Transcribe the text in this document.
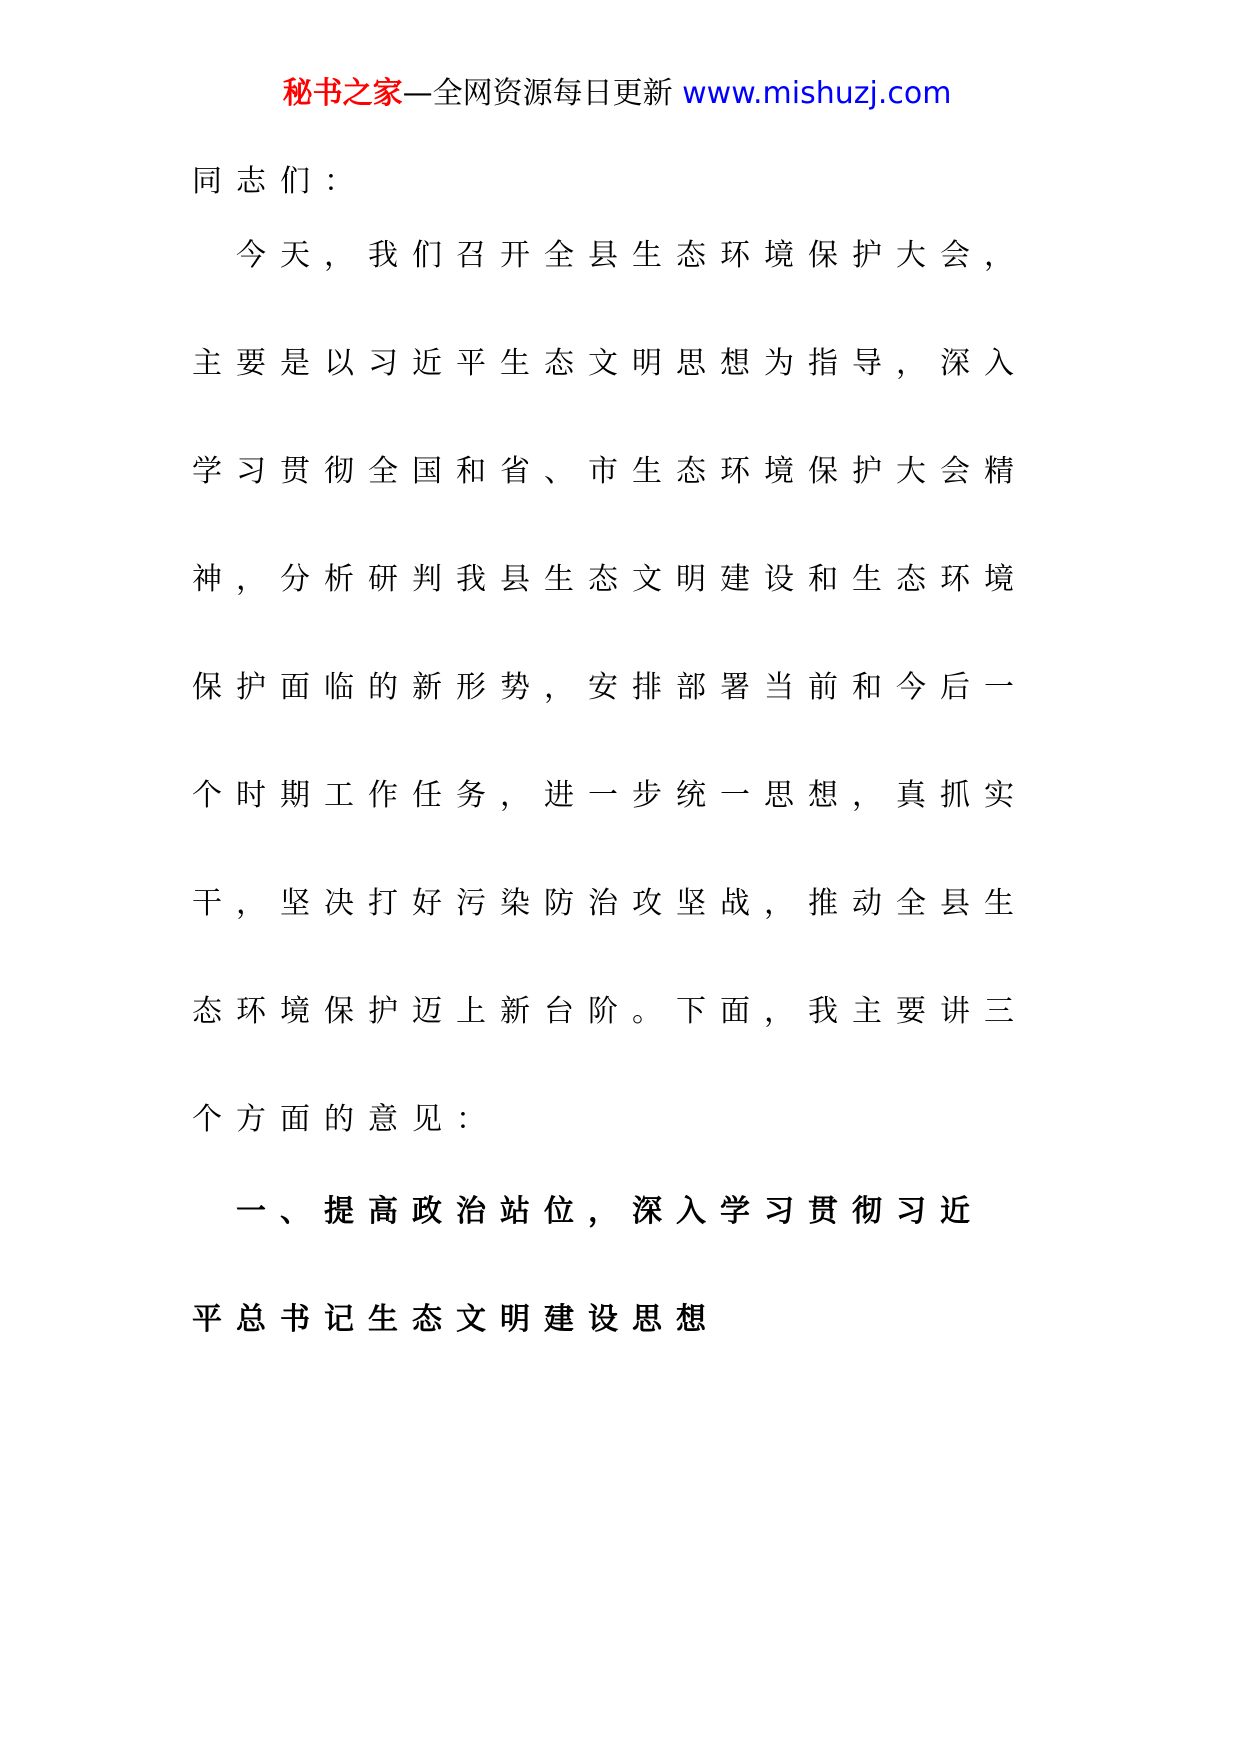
秘书之家—全网资源每日更新 www.mishuzj.com
同志们：
　今天，我们召开全县生态环境保护大会，
主要是以习近平生态文明思想为指导，深入
学习贯彻全国和省、市生态环境保护大会精
神，分析研判我县生态文明建设和生态环境
保护面临的新形势，安排部署当前和今后一
个时期工作任务，进一步统一思想，真抓实
干，坚决打好污染防治攻坚战，推动全县生
态环境保护迈上新台阶。下面，我主要讲三
个方面的意见：
　一、提高政治站位，深入学习贯彻习近
平总书记生态文明建设思想
